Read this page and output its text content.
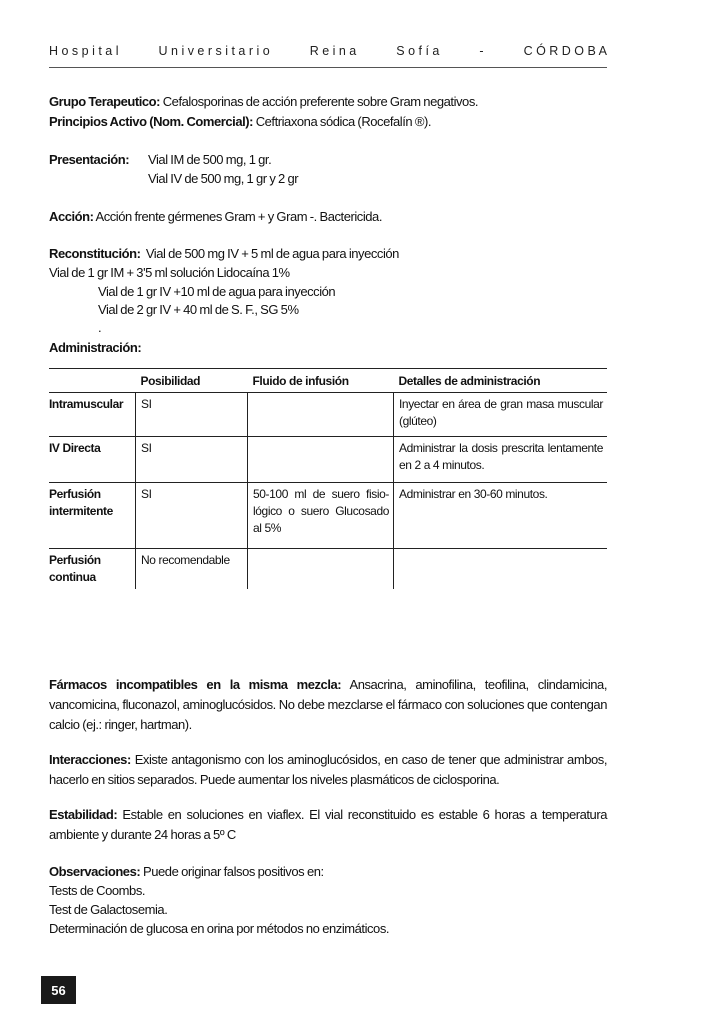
H o s p i t a l	U n i v e r s i t a r i o	R e i n a	S o f í a	-	C Ó R D O B A
Grupo Terapeutico: Cefalosporinas de acción preferente sobre Gram negativos.
Principios Activo (Nom. Comercial): Ceftriaxona sódica (Rocefalín ®).
Presentación: Vial IM de 500 mg, 1 gr.
Vial IV de 500 mg, 1 gr y 2 gr
Acción: Acción frente gérmenes Gram + y Gram -. Bactericida.
Reconstitución: Vial de 500 mg IV + 5 ml de agua para inyección
Vial de 1 gr IM + 3'5 ml solución Lidocaína 1%
Vial de 1 gr IV +10 ml de agua para inyección
Vial de 2 gr IV + 40 ml de S. F., SG 5%
.
Administración:
	Posibilidad	Fluido de infusión	Detalles de administración
Intramuscular	SI		Inyectar en área de gran masa muscular (glúteo)
IV Directa	SI		Administrar la dosis prescrita lentamente en 2 a 4 minutos.
Perfusión intermitente	SI	50-100 ml de suero fisio-lógico o suero Glucosado al 5%	Administrar en 30-60 minutos.
Perfusión continua	No recomendable		
Fármacos incompatibles en la misma mezcla: Ansacrina, aminofilina, teofilina, clindamicina, vancomicina, fluconazol, aminoglucósidos. No debe mezclarse el fármaco con soluciones que contengan calcio (ej.: ringer, hartman).
Interacciones: Existe antagonismo con los aminoglucósidos, en caso de tener que administrar ambos, hacerlo en sitios separados. Puede aumentar los niveles plasmáticos de ciclosporina.
Estabilidad: Estable en soluciones en viaflex. El vial reconstituido es estable 6 horas a temperatura ambiente y durante 24 horas a 5º C
Observaciones: Puede originar falsos positivos en:
Tests de Coombs.
Test de Galactosemia.
Determinación de glucosa en orina por métodos no enzimáticos.
56
